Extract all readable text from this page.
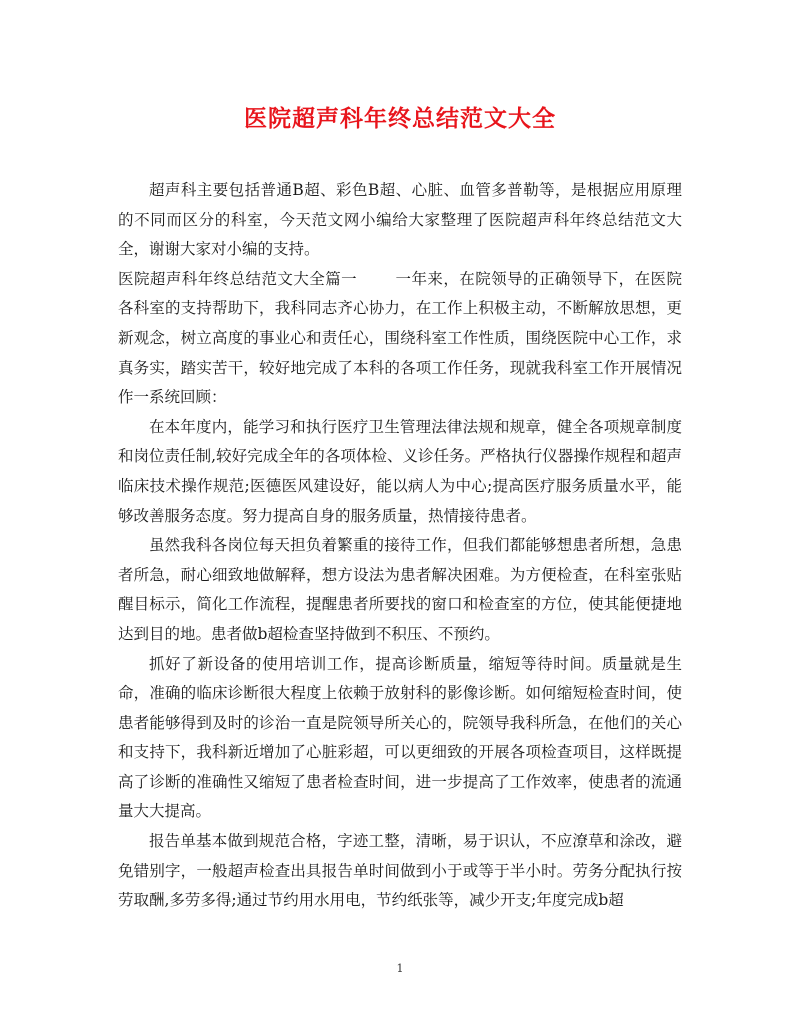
医院超声科年终总结范文大全

超声科主要包括普通B超、彩色B超、心脏、血管多普勒等，是根据应用原理的不同而区分的科室，今天范文网小编给大家整理了医院超声科年终总结范文大全，谢谢大家对小编的支持。

医院超声科年终总结范文大全篇一 一年来，在院领导的正确领导下，在医院各科室的支持帮助下，我科同志齐心协力，在工作上积极主动，不断解放思想，更新观念，树立高度的事业心和责任心，围绕科室工作性质，围绕医院中心工作，求真务实，踏实苦干，较好地完成了本科的各项工作任务，现就我科室工作开展情况作一系统回顾：

在本年度内，能学习和执行医疗卫生管理法律法规和规章，健全各项规章制度和岗位责任制,较好完成全年的各项体检、义诊任务。严格执行仪器操作规程和超声临床技术操作规范;医德医风建设好，能以病人为中心;提高医疗服务质量水平，能够改善服务态度。努力提高自身的服务质量，热情接待患者。

虽然我科各岗位每天担负着繁重的接待工作，但我们都能够想患者所想，急患者所急，耐心细致地做解释，想方设法为患者解决困难。为方便检查，在科室张贴醒目标示，简化工作流程，提醒患者所要找的窗口和检查室的方位，使其能便捷地达到目的地。患者做b超检查坚持做到不积压、不预约。

抓好了新设备的使用培训工作，提高诊断质量，缩短等待时间。质量就是生命，准确的临床诊断很大程度上依赖于放射科的影像诊断。如何缩短检查时间，使患者能够得到及时的诊治一直是院领导所关心的，院领导我科所急，在他们的关心和支持下，我科新近增加了心脏彩超，可以更细致的开展各项检查项目，这样既提高了诊断的准确性又缩短了患者检查时间，进一步提高了工作效率，使患者的流通量大大提高。

报告单基本做到规范合格，字迹工整，清晰，易于识认，不应潦草和涂改，避免错别字，一般超声检查出具报告单时间做到小于或等于半小时。劳务分配执行按劳取酬,多劳多得;通过节约用水用电，节约纸张等，减少开支;年度完成b超

1
